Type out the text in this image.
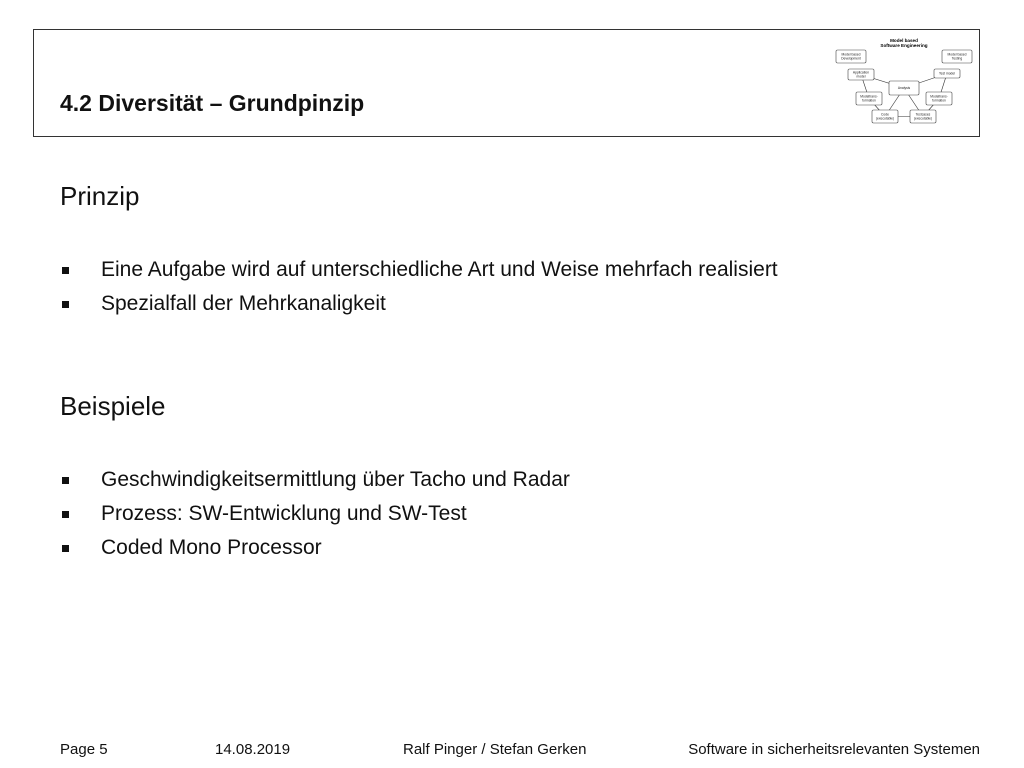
4.2 Diversität – Grundpinzip
Model based
Software Engineering
Model based
Development
Model based
Testing
Application
model
Test model
Analysis
Modeltrans-
formation
Modeltrans-
formation
Code
(executable)
Testcases
(executable)
Prinzip
Eine Aufgabe wird auf unterschiedliche Art und Weise mehrfach realisiert
Spezialfall der Mehrkanaligkeit
Beispiele
Geschwindigkeitsermittlung über Tacho und Radar
Prozess: SW-Entwicklung und SW-Test
Coded Mono Processor
Page 5	14.08.2019	Ralf Pinger / Stefan Gerken	Software in sicherheitsrelevanten Systemen
